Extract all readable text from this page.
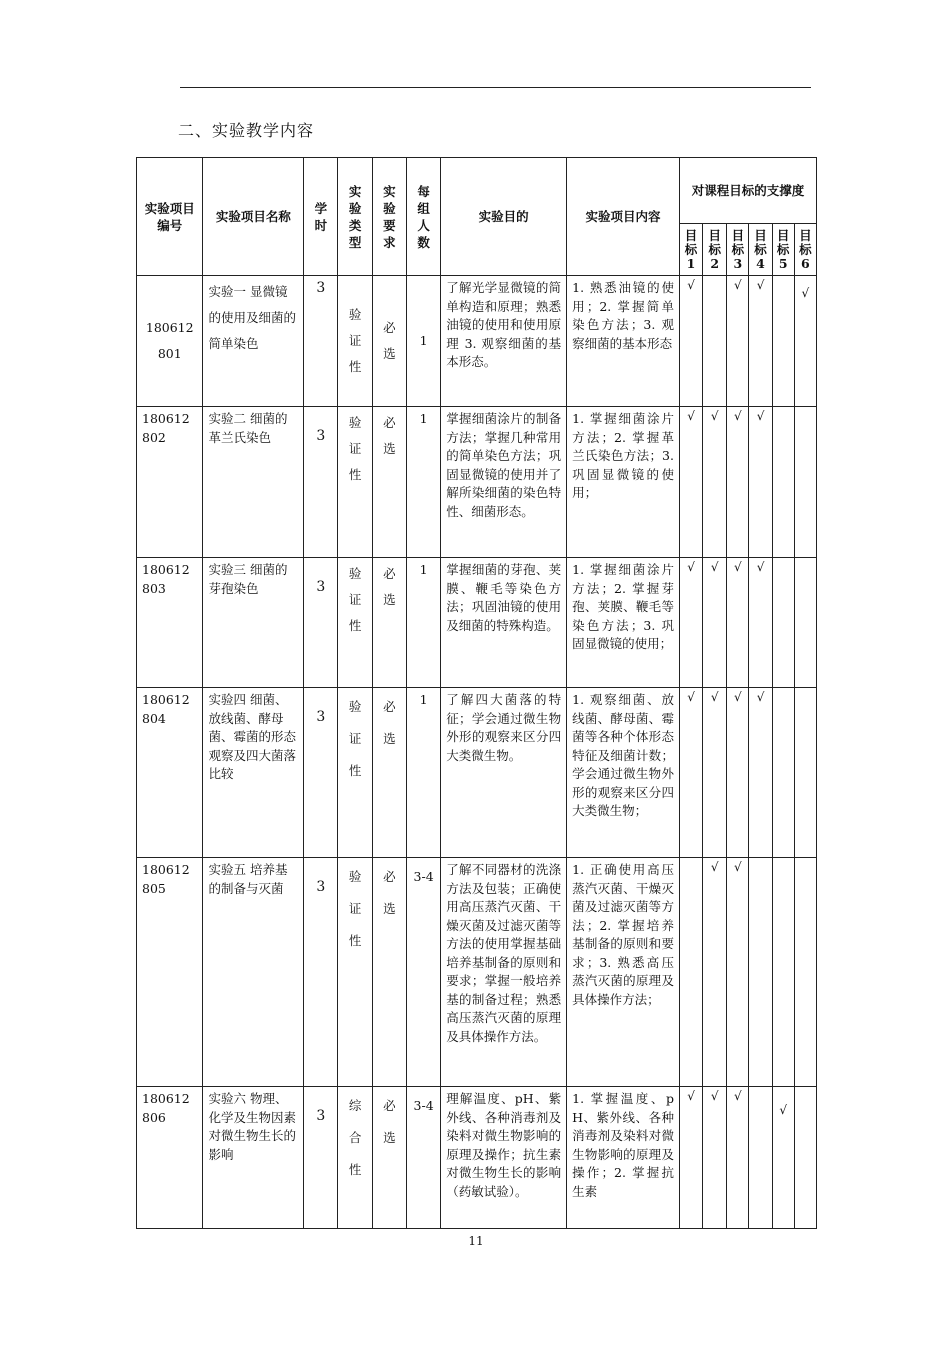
二、实验教学内容
实验项目编号	实验项目名称	学时	实验类型	实验要求	每组人数	实验目的	实验项目内容	对课程目标的支撑度					
								目标1	目标2	目标3	目标4	目标5	目标6

180612801	实验一 显微镜的使用及细菌的简单染色	3	验证性	必选	1	了解光学显微镜的简单构造和原理；熟悉油镜的使用和使用原理 3. 观察细菌的基本形态。	1. 熟悉油镜的使用；2. 掌握简单染色方法；3. 观察细菌的基本形态	√		√	√		√

180612802	实验二 细菌的革兰氏染色	3	验证性	必选	1	掌握细菌涂片的制备方法；掌握几种常用的简单染色方法；巩固显微镜的使用并了解所染细菌的染色特性、细菌形态。	1. 掌握细菌涂片方法；2. 掌握革兰氏染色方法；3. 巩固显微镜的使用；	√	√	√	√		

180612803	实验三 细菌的芽孢染色	3	验证性	必选	1	掌握细菌的芽孢、荚膜、鞭毛等染色方法；巩固油镜的使用及细菌的特殊构造。	1. 掌握细菌涂片方法；2. 掌握芽孢、荚膜、鞭毛等染色方法；3. 巩固显微镜的使用；	√	√	√	√		

180612804	实验四 细菌、放线菌、酵母菌、霉菌的形态观察及四大菌落比较	3	验证性	必选	1	了解四大菌落的特征；学会通过微生物外形的观察来区分四大类微生物。	1. 观察细菌、放线菌、酵母菌、霉菌等各种个体形态特征及细菌计数；学会通过微生物外形的观察来区分四大类微生物；	√	√	√	√		

180612805	实验五 培养基的制备与灭菌	3	验证性	必选	3-4	了解不同器材的洗涤方法及包装；正确使用高压蒸汽灭菌、干燥灭菌及过滤灭菌等方法的使用掌握基础培养基制备的原则和要求；掌握一般培养基的制备过程；熟悉高压蒸汽灭菌的原理及具体操作方法。	1. 正确使用高压蒸汽灭菌、干燥灭菌及过滤灭菌等方法；2. 掌握培养基制备的原则和要求；3. 熟悉高压蒸汽灭菌的原理及具体操作方法；		√	√			

180612806	实验六 物理、化学及生物因素对微生物生长的影响	3	综合性	必选	3-4	理解温度、pH、紫外线、各种消毒剂及染料对微生物影响的原理及操作；抗生素对微生物生长的影响（药敏试验）。	1. 掌握温度、pH、紫外线、各种消毒剂及染料对微生物影响的原理及操作；2. 掌握抗生素	√	√	√		√	
11
